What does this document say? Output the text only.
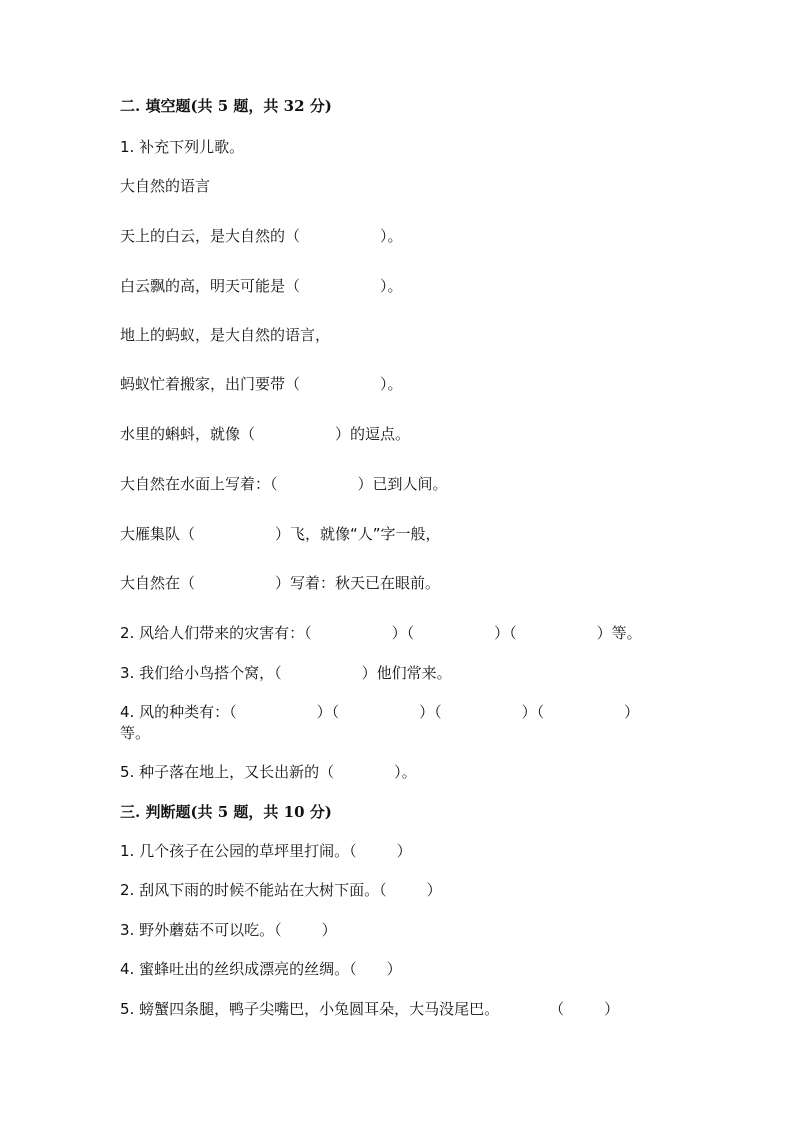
二. 填空题(共 5 题，共 32 分)
1. 补充下列儿歌。
大自然的语言
天上的白云，是大自然的（	）。
白云飘的高，明天可能是（	）。
地上的蚂蚁，是大自然的语言，
蚂蚁忙着搬家，出门要带（	）。
水里的蝌蚪，就像（	）的逗点。
大自然在水面上写着：（	）已到人间。
大雁集队（	）飞，就像“人”字一般，
大自然在（	）写着：秋天已在眼前。
2. 风给人们带来的灾害有：（	）（	）（	）等。
3. 我们给小鸟搭个窝，（	）他们常来。
4. 风的种类有：（	）（	）（	）（	）
等。
5. 种子落在地上，又长出新的（	）。
三. 判断题(共 5 题，共 10 分)
1. 几个孩子在公园的草坪里打闹。（	）
2. 刮风下雨的时候不能站在大树下面。（	）
3. 野外蘑菇不可以吃。（	）
4. 蜜蜂吐出的丝织成漂亮的丝绸。（ ）
5. 螃蟹四条腿，鸭子尖嘴巴，小兔圆耳朵，大马没尾巴。	（	）
